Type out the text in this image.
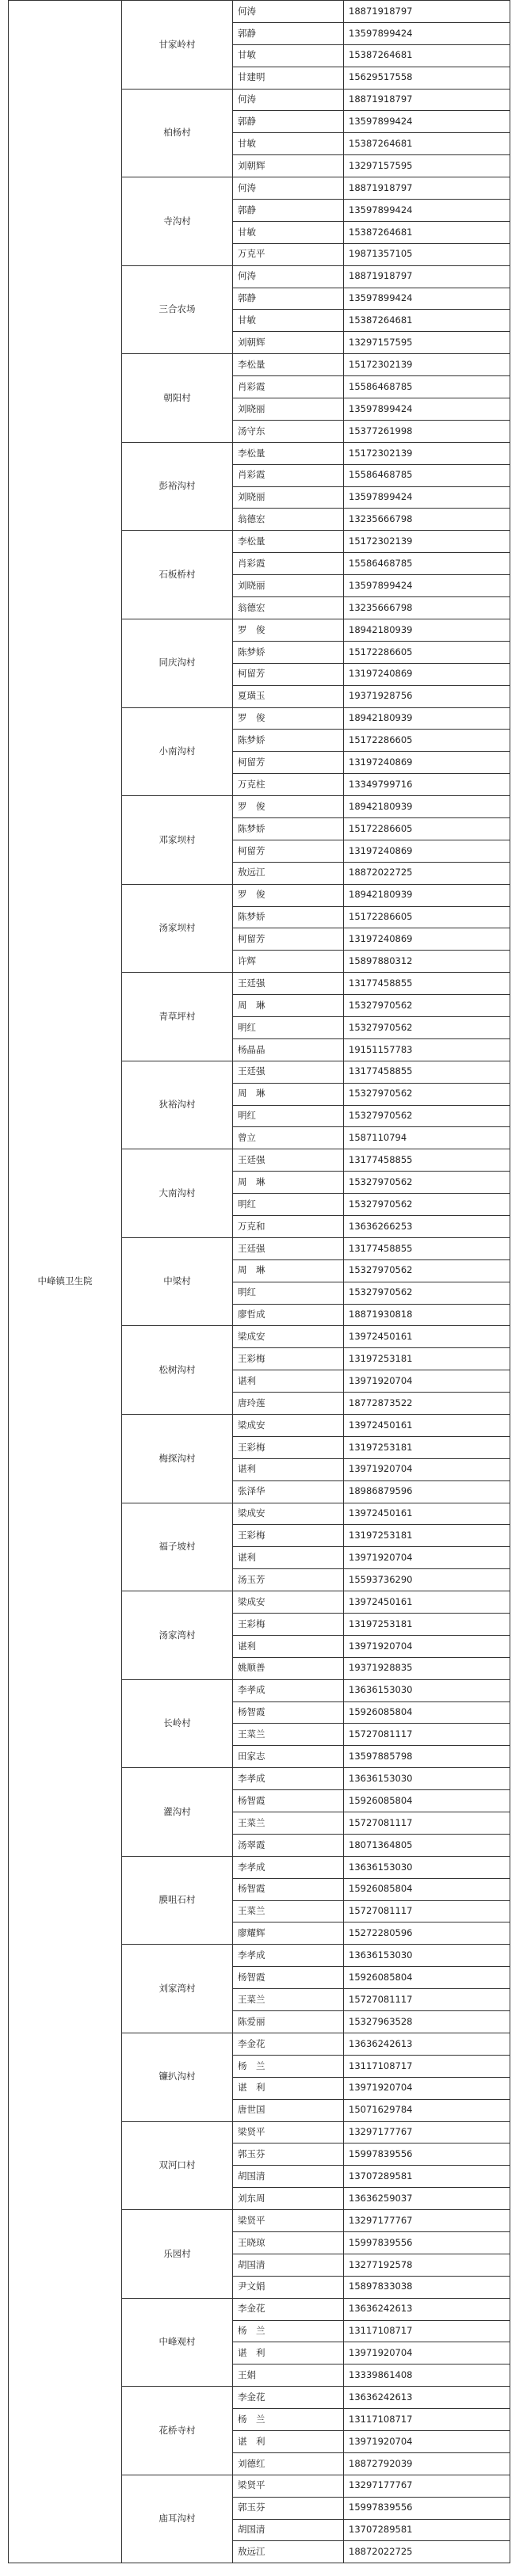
中峰镇卫生院	甘家岭村	何涛	18871918797
		郭静	13597899424
		甘敏	15387264681
		甘建明	15629517558
	柏杨村	何涛	18871918797
		郭静	13597899424
		甘敏	15387264681
		刘朝辉	13297157595
	寺沟村	何涛	18871918797
		郭静	13597899424
		甘敏	15387264681
		万克平	19871357105
	三合农场	何涛	18871918797
		郭静	13597899424
		甘敏	15387264681
		刘朝辉	13297157595
	朝阳村	李松量	15172302139
		肖彩霞	15586468785
		刘晓丽	13597899424
		汤守东	15377261998
	彭裕沟村	李松量	15172302139
		肖彩霞	15586468785
		刘晓丽	13597899424
		翁德宏	13235666798
	石板桥村	李松量	15172302139
		肖彩霞	15586468785
		刘晓丽	13597899424
		翁德宏	13235666798
	同庆沟村	罗　俊	18942180939
		陈梦娇	15172286605
		柯留芳	13197240869
		夏璜玉	19371928756
	小南沟村	罗　俊	18942180939
		陈梦娇	15172286605
		柯留芳	13197240869
		万克柱	13349799716
	邓家坝村	罗　俊	18942180939
		陈梦娇	15172286605
		柯留芳	13197240869
		敖远江	18872022725
	汤家坝村	罗　俊	18942180939
		陈梦娇	15172286605
		柯留芳	13197240869
		许辉	15897880312
	青草坪村	王廷强	13177458855
		周　琳	15327970562
		明红	15327970562
		杨晶晶	19151157783
	狄裕沟村	王廷强	13177458855
		周　琳	15327970562
		明红	15327970562
		曾立	1587110794
	大南沟村	王廷强	13177458855
		周　琳	15327970562
		明红	15327970562
		万克和	13636266253
	中梁村	王廷强	13177458855
		周　琳	15327970562
		明红	15327970562
		廖哲成	18871930818
	松树沟村	梁成安	13972450161
		王彩梅	13197253181
		谌利	13971920704
		唐玲莲	18772873522
	梅探沟村	梁成安	13972450161
		王彩梅	13197253181
		谌利	13971920704
		张泽华	18986879596
	福子坡村	梁成安	13972450161
		王彩梅	13197253181
		谌利	13971920704
		汤玉芳	15593736290
	汤家湾村	梁成安	13972450161
		王彩梅	13197253181
		谌利	13971920704
		姚顺善	19371928835
	长岭村	李孝成	13636153030
		杨智霞	15926085804
		王菜兰	15727081117
		田家志	13597885798
	灌沟村	李孝成	13636153030
		杨智霞	15926085804
		王菜兰	15727081117
		汤翠霞	18071364805
	膜咀石村	李孝成	13636153030
		杨智霞	15926085804
		王菜兰	15727081117
		廖耀辉	15272280596
	刘家湾村	李孝成	13636153030
		杨智霞	15926085804
		王菜兰	15727081117
		陈爱丽	15327963528
	镰扒沟村	李金花	13636242613
		杨　兰	13117108717
		谌　利	13971920704
		唐世国	15071629784
	双河口村	梁贤平	13297177767
		郭玉芬	15997839556
		胡国清	13707289581
		刘东周	13636259037
	乐园村	梁贤平	13297177767
		王晓琼	15997839556
		胡国清	13277192578
		尹文娟	15897833038
	中峰观村	李金花	13636242613
		杨　兰	13117108717
		谌　利	13971920704
		王娟	13339861408
	花桥寺村	李金花	13636242613
		杨　兰	13117108717
		谌　利	13971920704
		刘德红	18872792039
	庙耳沟村	梁贤平	13297177767
		郭玉芬	15997839556
		胡国清	13707289581
		敖远江	18872022725
